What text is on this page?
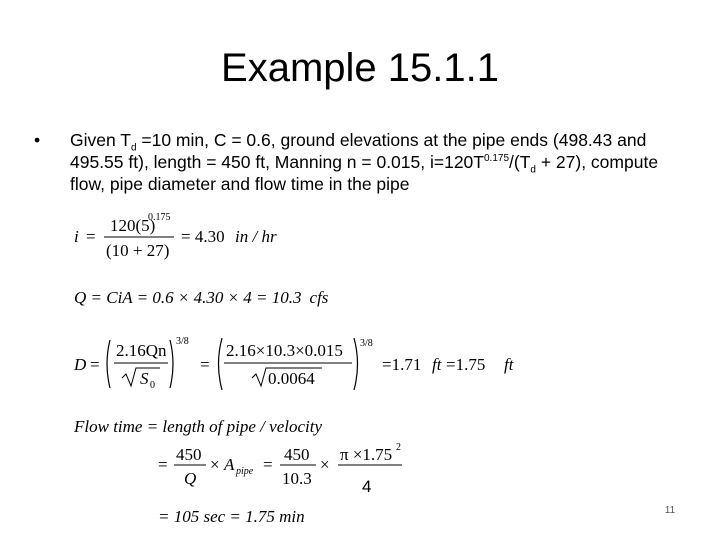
Example 15.1.1
• Given $T_d =10$ min, C = 0.6, ground elevations at the pipe ends (498.43 and 495.55 ft), length = 450 ft, Manning n = 0.015, $i=120T^{0.175}/(T_d + 27)$, compute flow, pipe diameter and flow time in the pipe
i =
120(5)
0.175
(10 + 27)
= 4.30 in / hr
Q = CiA = 0.6 × 4.30 × 4 = 10.3 cfs
D =
2.16Qn
S 0
3/8
=
2.16×10.3×0.015
0.0064
3/8
=1.71 ft =1.75 ft
Flow time = length of pipe / velocity
=
450
Q
× A pipe =
450
10.3
×
π ×1.75 2
4
= 105 sec = 1.75 min	11
